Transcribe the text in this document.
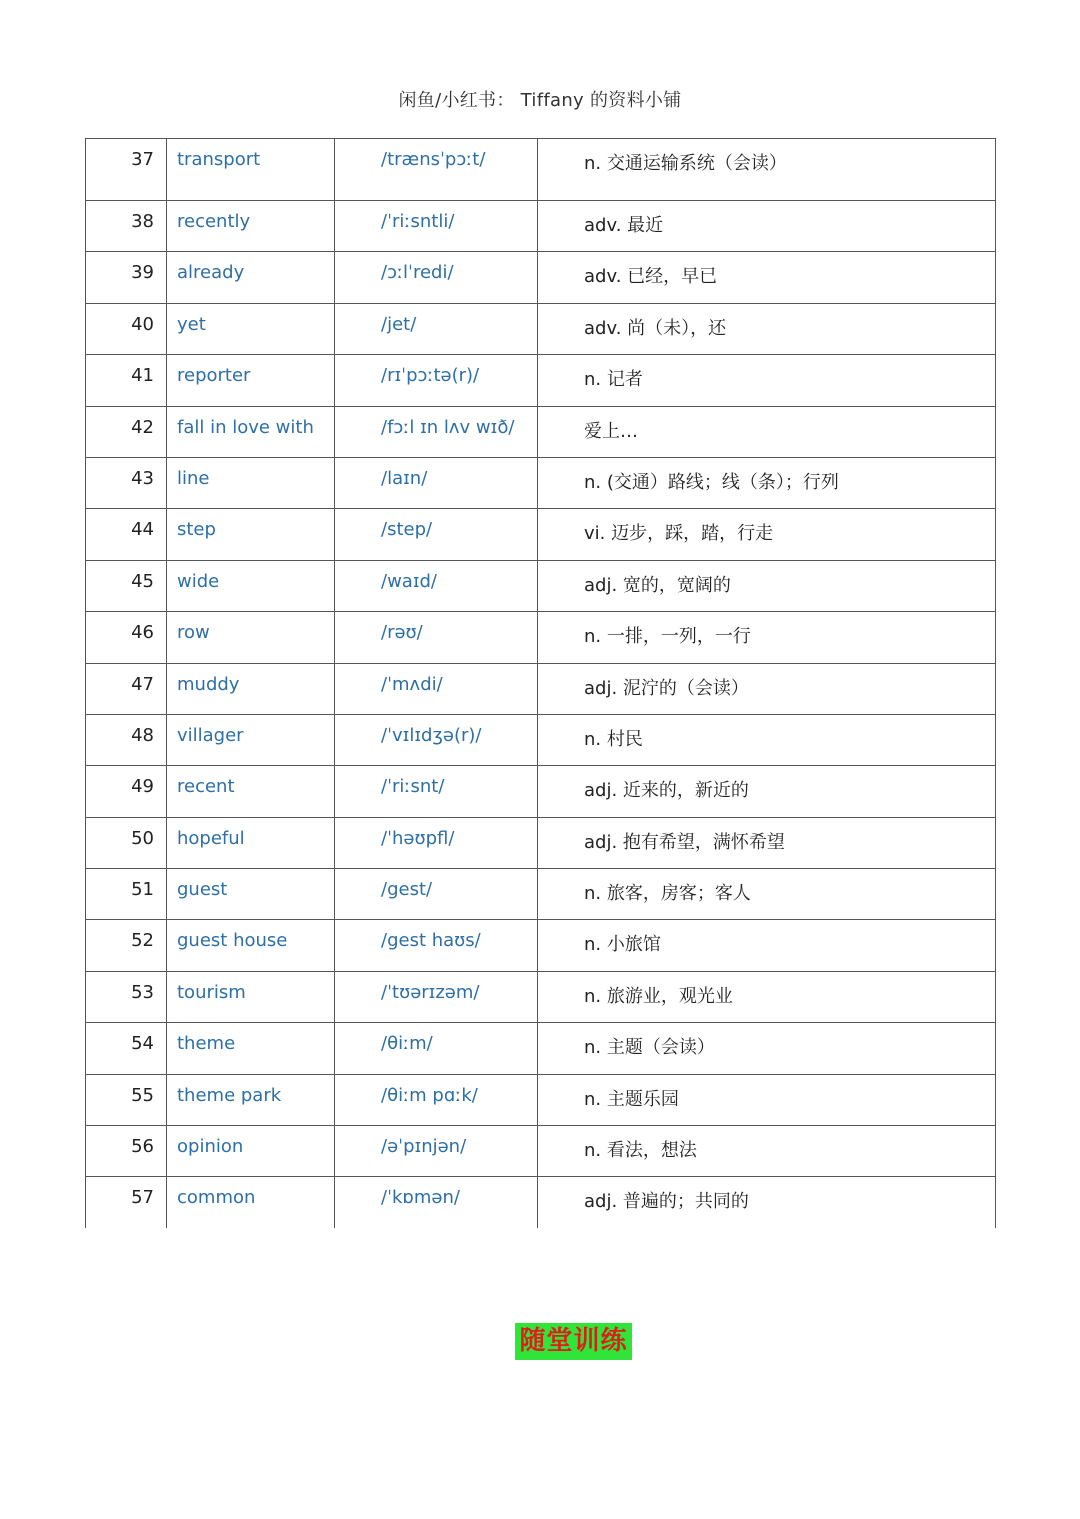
闲鱼/小红书： Tiffany 的资料小铺
37	transport	/trænsˈpɔːt/	n. 交通运输系统（会读）
38	recently	/ˈriːsntli/	adv. 最近
39	already	/ɔːlˈredi/	adv. 已经，早已
40	yet	/jet/	adv. 尚（未），还
41	reporter	/rɪˈpɔːtə(r)/	n. 记者
42	fall in love with	/fɔːl ɪn lʌv wɪð/	爱上…
43	line	/laɪn/	n. (交通）路线；线（条）；行列
44	step	/step/	vi. 迈步，踩，踏，行走
45	wide	/waɪd/	adj. 宽的，宽阔的
46	row	/rəʊ/	n. 一排，一列，一行
47	muddy	/ˈmʌdi/	adj. 泥泞的（会读）
48	villager	/ˈvɪlɪdʒə(r)/	n. 村民
49	recent	/ˈriːsnt/	adj. 近来的，新近的
50	hopeful	/ˈhəʊpfl/	adj. 抱有希望，满怀希望
51	guest	/gest/	n. 旅客，房客；客人
52	guest house	/gest haʊs/	n. 小旅馆
53	tourism	/ˈtʊərɪzəm/	n. 旅游业，观光业
54	theme	/θiːm/	n. 主题（会读）
55	theme park	/θiːm pɑːk/	n. 主题乐园
56	opinion	/əˈpɪnjən/	n. 看法，想法
57	common	/ˈkɒmən/	adj. 普遍的；共同的
随堂训练
